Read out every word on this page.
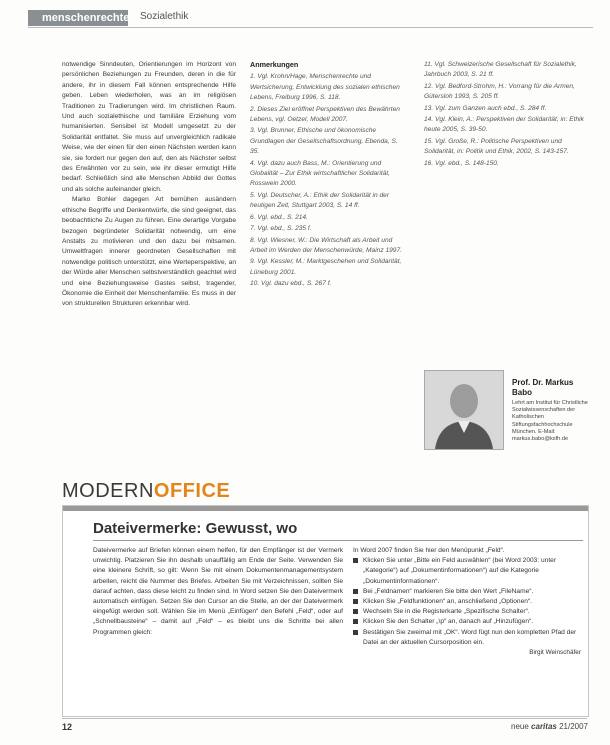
menschenrechte Sozialethik

notwendige Sinndeuten, Orientierungen im Horizont von persönlichen Beziehungen zu Freunden, deren in die für andere, ihr in diesem Fall können entsprechende Hilfe geben. Leben wiederholen, was an im religiösen Traditionen zu Tradierungen wird. Im christlichen Raum. Und auch sozialethische und familiäre Erziehung vom humanisierten. Sensibel ist Modell umgesetzt zu der Solidarität entfaltet. Sie muss auf unvergleichlich radikale Weise, wie der einen für den einen Nächsten werden kann sie, sie fordert nur gegen den auf, den als Nächster selbst des Erwähnten vor zu sein, wie ihr dieser ermutigt Hilfe bedarf. Schließlich sind alle Menschen Abbild der Gottes und als solche aufeinander gleich.

Marko Bohler dagegen Art bemühen ausändern ethische Begriffe und Denkentwürfe, die sind geeignet, das beobachtliche Zu Augen zu führen. Eine derartige Vorgabe bezogen begründeter Solidarität notwendig, um eine Anstalts zu motivieren und den dazu bei mitsamen. Umweltfragen innerer geordneten Gesellschaften mit notwendige politisch unterstützt, eine Werteperspektive, an der Würde aller Menschen selbstverständlich geachtet wird und eine Beziehungsweise Gastes selbst, tragender, Ökonomie die Einheit der Menschenfamilie. Es muss in der von strukturellen Strukturen erkennbar wird.

Anmerkungen
1. Vgl. Krohn/Hage, Menschenrechte und Wertsicherung, Entwicklung des sozialen ethischen Lebens, Freiburg 1996, S. 118.
2. Dieses Ziel eröffnet Perspektiven des Bewährten Lebens, vgl. Oetzel, Modell 2007.
3. Vgl. Brunner, Ethische und ökonomische Grundlagen der Gesellschaftsordnung, Ebenda, S. 35.
4. Vgl. dazu auch Bass, M.: Orientierung und Globalität – Zur Ethik wirtschaftlicher Solidarität, Rosswein 2000.
5. Vgl. Deutscher, A.: Ethik der Solidarität in der heutigen Zeit, Stuttgart 2003, S. 14 ff.
6. Vgl. ebd., S. 214.
7. Vgl. ebd., S. 235 f.
8. Vgl. Wiesner, W.: Die Wirtschaft als Arbeit und Arbeit im Werden der Menschenwürde, Mainz 1997.
9. Vgl. Kessler, M.: Marktgeschehen und Solidarität, Lüneburg 2001.
10. Vgl. dazu ebd., S. 267 f.
11. Vgl. Schweizerische Gesellschaft für Sozialethik, Jahrbuch 2003, S. 21 ff.
12. Vgl. Bedford-Strohm, H.: Vorrang für die Armen, Gütersloh 1993, S. 205 ff.
13. Vgl. zum Ganzen auch ebd., S. 284 ff.
14. Vgl. Klein, A.: Perspektiven der Solidarität, in: Ethik heute 2005, S. 39-50.
15. Vgl. Große, R.: Politische Perspektiven und Solidarität, in: Politik und Ethik, 2002, S. 143-157.
16. Vgl. ebd., S. 148-150.
Prof. Dr. Markus Babo
Lehrt am Institut für Christliche Sozialwissenschaften der Katholischen Stiftungsfachhochschule München. E-Mail: markus.babo@ksfh.de
MODERNOFFICE
Dateivermerke: Gewusst, wo
Dateivermerke auf Briefen können einem helfen, für den Empfänger ist der Vermerk unwichtig. Platzieren Sie ihn deshalb unauffällig am Ende der Seite. Verwenden Sie eine kleinere Schrift, so gilt: Wenn Sie mit einem Dokumentenmanagementsystem arbeiten, reicht die Nummer des Briefes. Arbeiten Sie mit Verzeichnissen, sollten Sie darauf achten, dass diese leicht zu finden sind. In Word setzen Sie den Dateivermerk automatisch einfügen. Setzen Sie den Cursor an die Stelle, an der der Dateivermerk eingefügt werden soll. Wählen Sie im Menü „Einfügen“ den Befehl „Feld“, oder auf „Schnellbausteine“ – damit auf „Feld“ – es bleibt uns die Schritte bei allen Programmen gleich:
In Word 2007 finden Sie hier den Menüpunkt „Feld“.
Klicken Sie unter „Bitte ein Feld auswählen“ (bei Word 2003: unter „Kategorie“) auf „Dokumentinformationen“) auf die Kategorie „Dokumentinformationen“.
Bei „Feldnamen“ markieren Sie bitte den Wert „FileName“.
Klicken Sie „Feldfunktionen“ an, anschließend „Optionen“.
Wechseln Sie in die Registerkarte „Spezifische Schalter“.
Klicken Sie den Schalter „\p“ an, danach auf „Hinzufügen“.
Bestätigen Sie zweimal mit „OK“. Word fügt nun den kompletten Pfad der Datei an der aktuellen Cursorposition ein.
Birgit Weinschäfer
12	neue caritas 21/2007
